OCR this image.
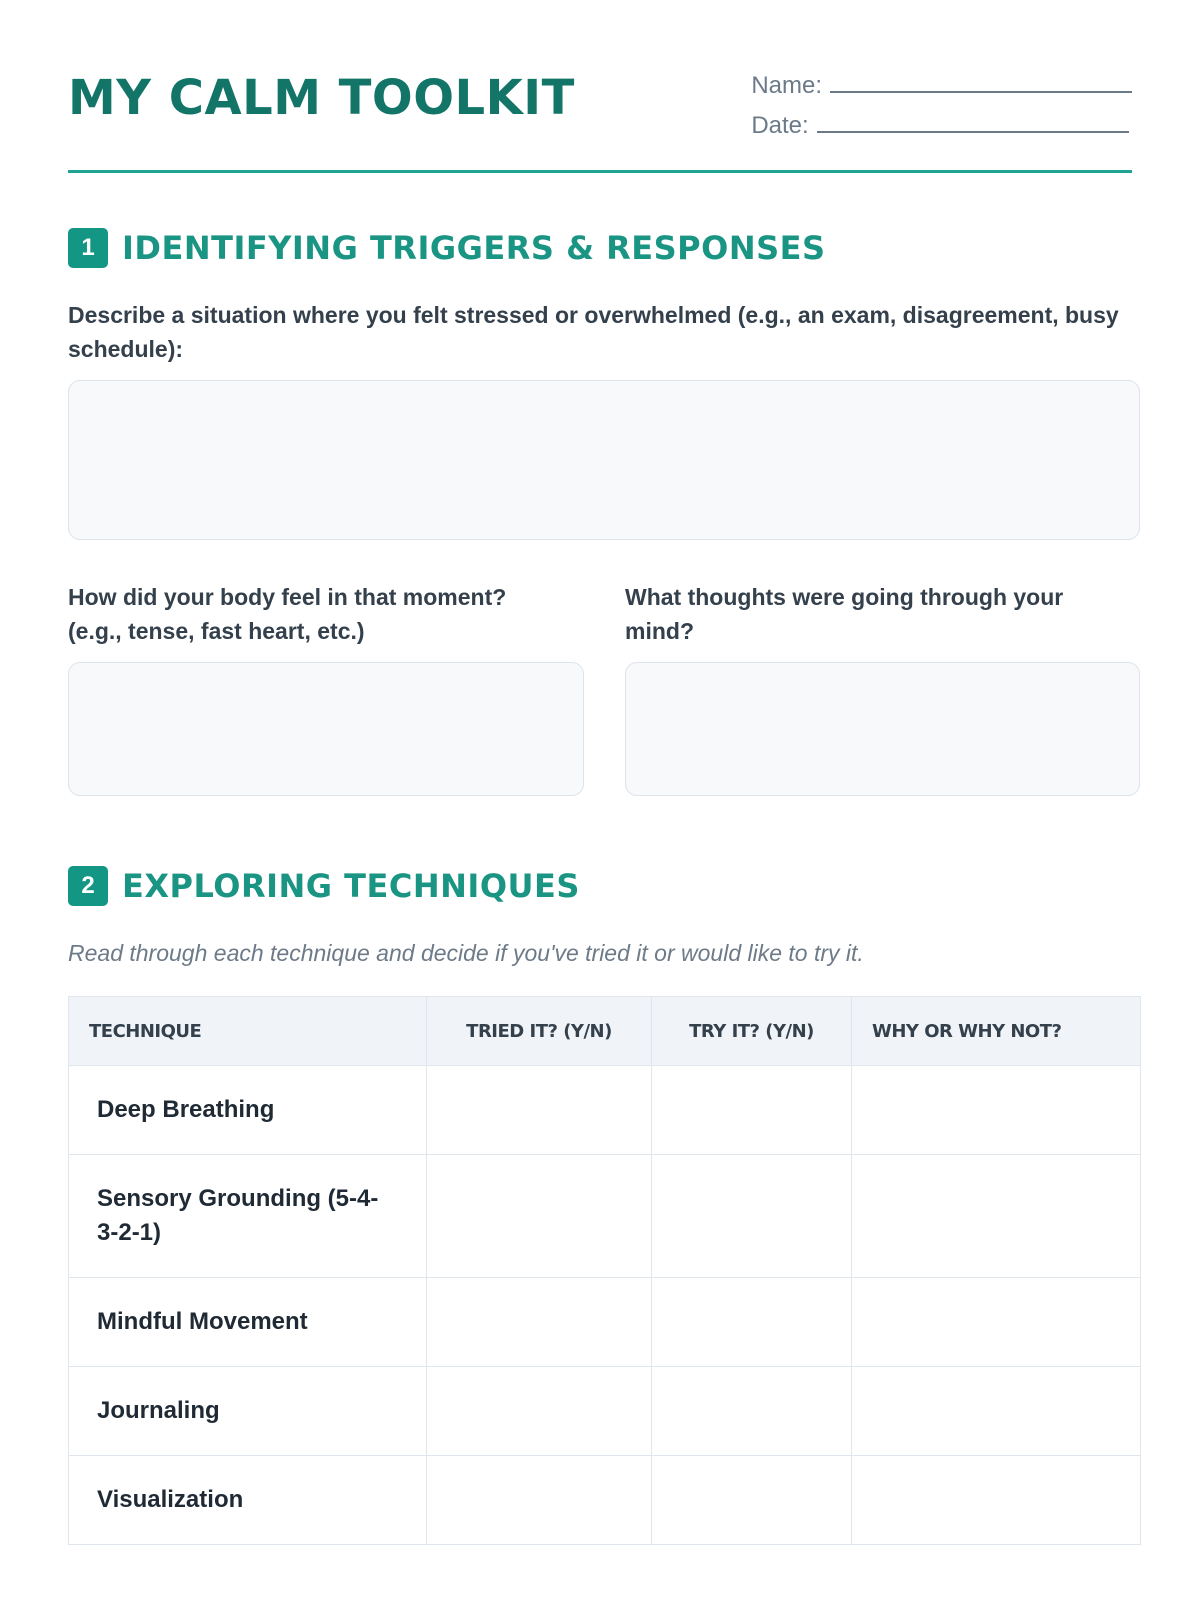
MY CALM TOOLKIT	Name:
Date:
1 IDENTIFYING TRIGGERS & RESPONSES
Describe a situation where you felt stressed or overwhelmed (e.g., an exam, disagreement, busy schedule):
How did your body feel in that moment? (e.g., tense, fast heart, etc.)
What thoughts were going through your mind?
2 EXPLORING TECHNIQUES
Read through each technique and decide if you've tried it or would like to try it.
TECHNIQUE	TRIED IT? (Y/N)	TRY IT? (Y/N)	WHY OR WHY NOT?
Deep Breathing			
Sensory Grounding (5-4-3-2-1)			
Mindful Movement			
Journaling			
Visualization			
